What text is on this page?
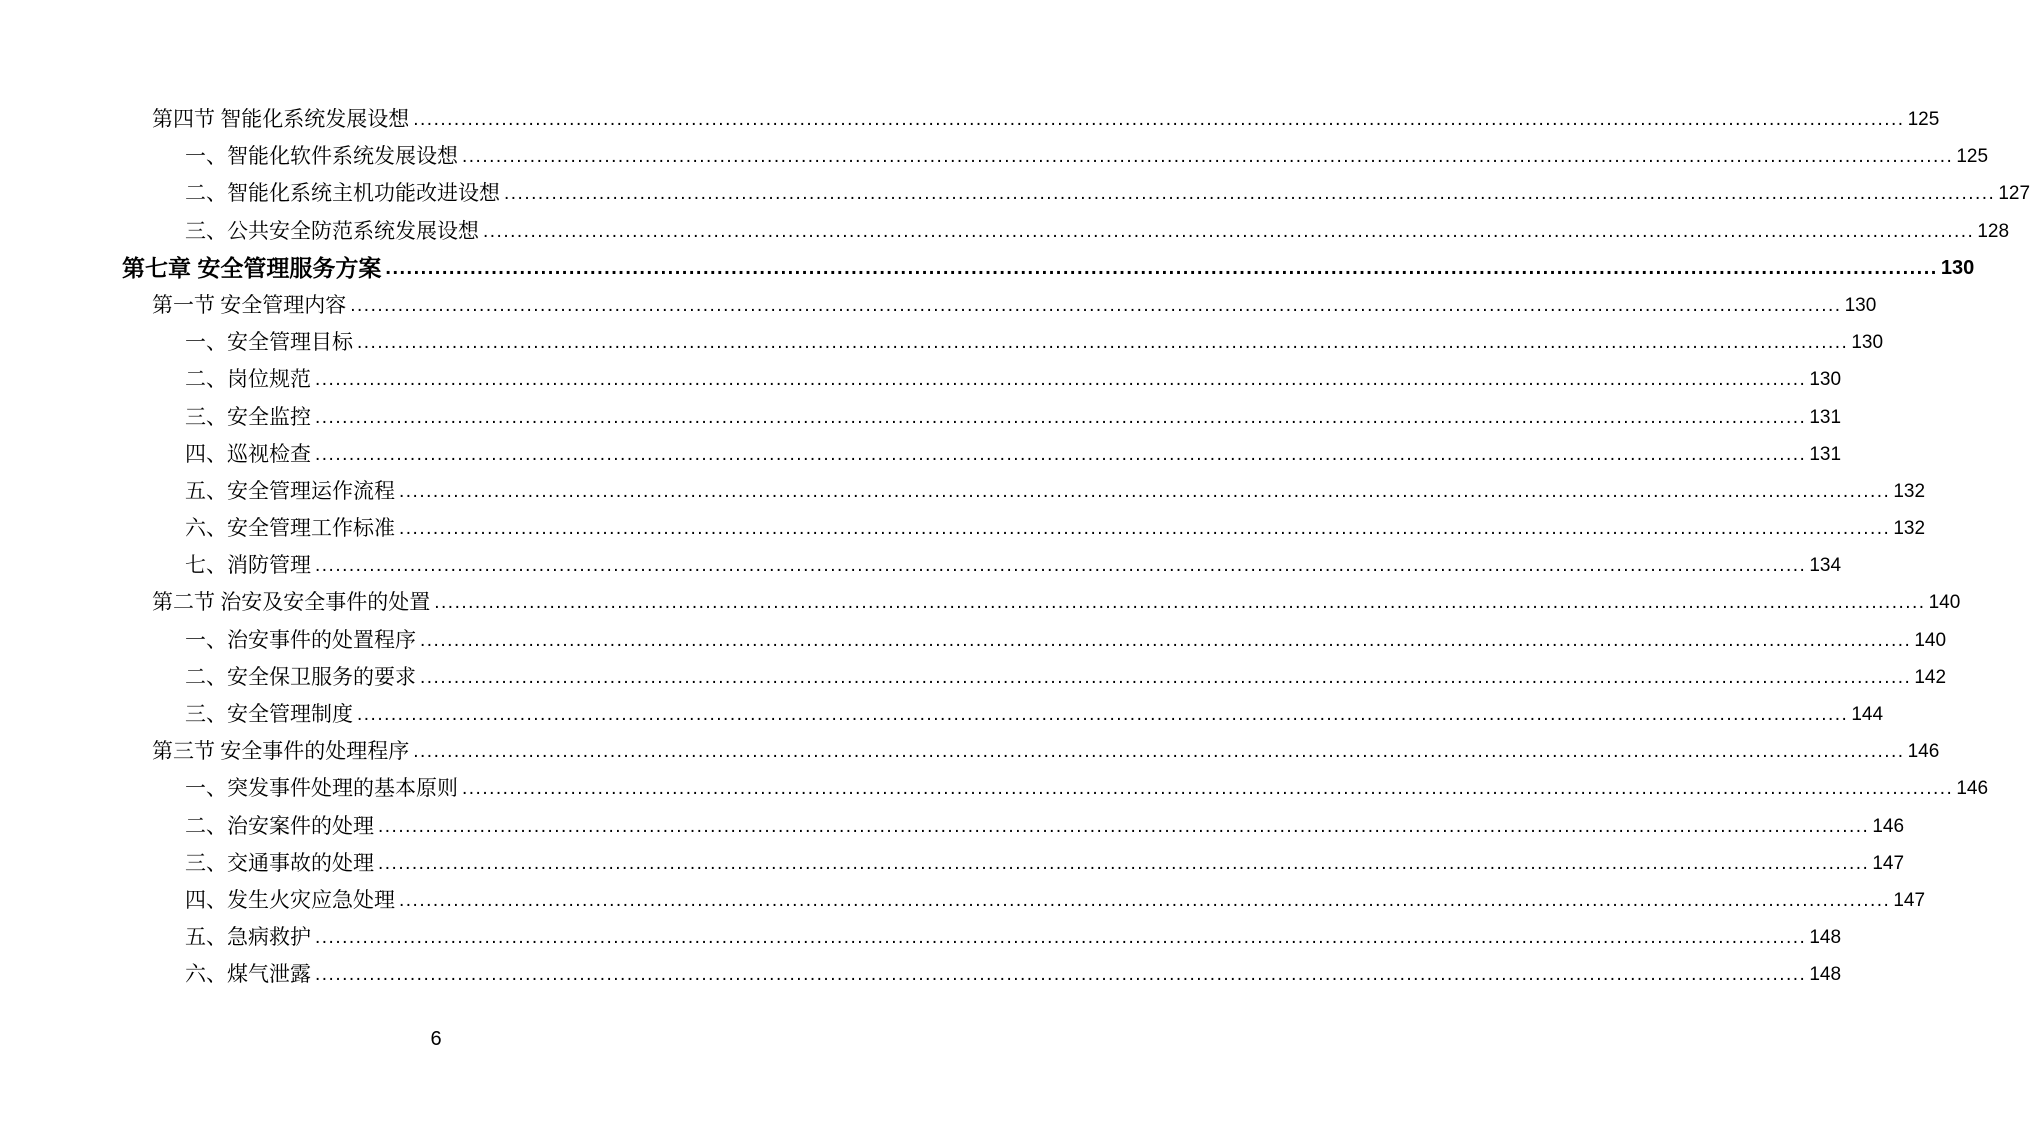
第四节 智能化系统发展设想 ............................................................................................................................................................................................................................ 125
一、智能化软件系统发展设想 ............................................................................................................................................................................................................................ 125
二、智能化系统主机功能改进设想 ............................................................................................................................................................................................................................ 127
三、公共安全防范系统发展设想 ............................................................................................................................................................................................................................ 128
第七章 安全管理服务方案 ............................................................................................................................................................................................................................ 130
第一节 安全管理内容 ............................................................................................................................................................................................................................ 130
一、安全管理目标 ............................................................................................................................................................................................................................ 130
二、岗位规范 ............................................................................................................................................................................................................................ 130
三、安全监控 ............................................................................................................................................................................................................................ 131
四、巡视检查 ............................................................................................................................................................................................................................ 131
五、安全管理运作流程 ............................................................................................................................................................................................................................ 132
六、安全管理工作标准 ............................................................................................................................................................................................................................ 132
七、消防管理 ............................................................................................................................................................................................................................ 134
第二节 治安及安全事件的处置 ............................................................................................................................................................................................................................ 140
一、治安事件的处置程序 ............................................................................................................................................................................................................................ 140
二、安全保卫服务的要求 ............................................................................................................................................................................................................................ 142
三、安全管理制度 ............................................................................................................................................................................................................................ 144
第三节 安全事件的处理程序 ............................................................................................................................................................................................................................ 146
一、突发事件处理的基本原则 ............................................................................................................................................................................................................................ 146
二、治安案件的处理 ............................................................................................................................................................................................................................ 146
三、交通事故的处理 ............................................................................................................................................................................................................................ 147
四、发生火灾应急处理 ............................................................................................................................................................................................................................ 147
五、急病救护 ............................................................................................................................................................................................................................ 148
六、煤气泄露 ............................................................................................................................................................................................................................ 148
6
